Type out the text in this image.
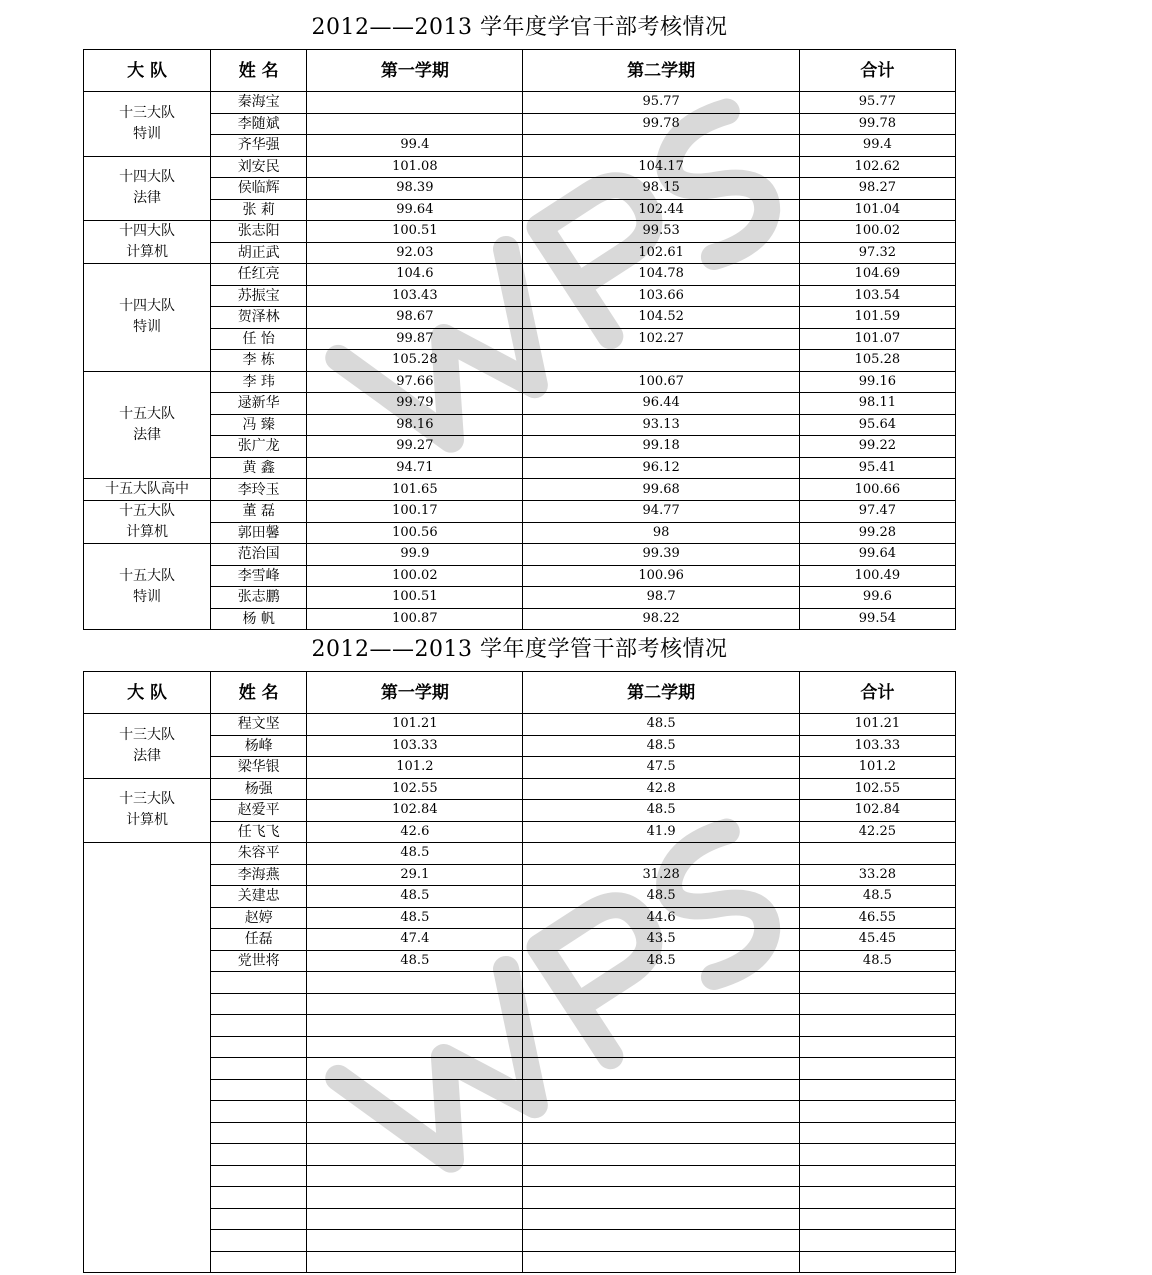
2012——2013 学年度学官干部考核情况
大 队	姓 名	第一学期	第二学期	合计
十三大队
特训	秦海宝		95.77	95.77
	李随斌		99.78	99.78
	齐华强	99.4		99.4
十四大队
法律	刘安民	101.08	104.17	102.62
	侯临辉	98.39	98.15	98.27
	张 莉	99.64	102.44	101.04
十四大队
计算机	张志阳	100.51	99.53	100.02
	胡正武	92.03	102.61	97.32
十四大队
特训	任红亮	104.6	104.78	104.69
	苏振宝	103.43	103.66	103.54
	贺泽林	98.67	104.52	101.59
	任 怡	99.87	102.27	101.07
	李 栋	105.28		105.28
十五大队
法律	李 玮	97.66	100.67	99.16
	逯新华	99.79	96.44	98.11
	冯 臻	98.16	93.13	95.64
	张广龙	99.27	99.18	99.22
	黄 鑫	94.71	96.12	95.41
十五大队高中	李玲玉	101.65	99.68	100.66
十五大队
计算机	董 磊	100.17	94.77	97.47
	郭田馨	100.56	98	99.28
十五大队
特训	范治国	99.9	99.39	99.64
	李雪峰	100.02	100.96	100.49
	张志鹏	100.51	98.7	99.6
	杨 帆	100.87	98.22	99.54
2012——2013 学年度学管干部考核情况
大 队	姓 名	第一学期	第二学期	合计
十三大队
法律	程文坚	101.21	48.5	101.21
	杨峰	103.33	48.5	103.33
	梁华银	101.2	47.5	101.2
十三大队
计算机	杨强	102.55	42.8	102.55
	赵爱平	102.84	48.5	102.84
	任飞飞	42.6	41.9	42.25
	朱容平	48.5		
	李海燕	29.1	31.28	33.28
	关建忠	48.5	48.5	48.5
	赵婷	48.5	44.6	46.55
	任磊	47.4	43.5	45.45
	党世将	48.5	48.5	48.5
